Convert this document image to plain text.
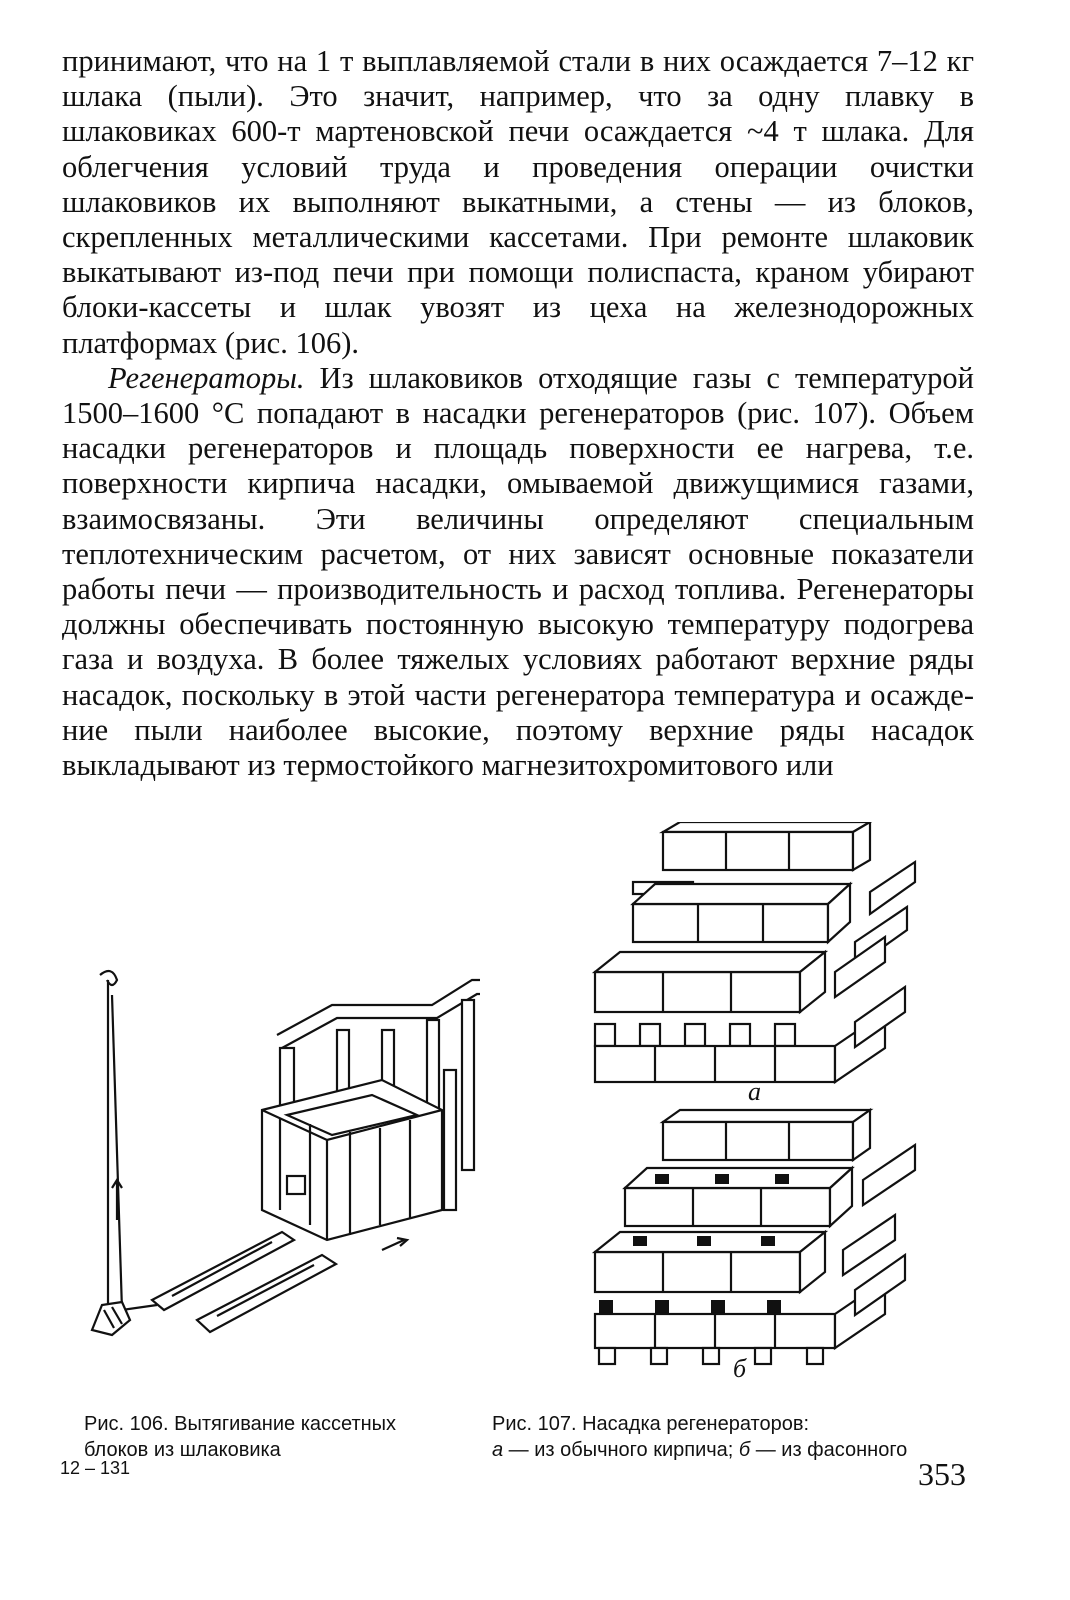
принимают, что на 1 т выплавляемой стали в них осаждается 7–12 кг шлака (пыли). Это значит, например, что за одну плавку в шлаковиках 600-т мартеновской печи осаждается ~4 т шлака. Для облегчения условий труда и проведения операции очистки шлаковиков их выполняют выкатными, а стены — из блоков, скрепленных металлическими кассетами. При ремонте шлаковик выкатывают из-под печи при помощи полиспаста, краном убирают блоки-кассеты и шлак увозят из цеха на железнодорожных платформах (рис. 106).

Регенераторы. Из шлаковиков отходящие газы с температурой 1500–1600 °С попадают в насадки регенераторов (рис. 107). Объем насадки регенераторов и площадь поверхности ее нагрева, т.е. поверхности кирпича насадки, омываемой движущимися газами, взаимосвязаны. Эти величины определяют специальным теплотехническим расчетом, от них зависят основные показатели работы печи — производительность и расход топлива. Регенераторы должны обеспечивать постоянную высокую температуру подогрева газа и воздуха. В более тяжелых условиях работают верхние ряды насадок, поскольку в этой части регенератора температура и осаждение пыли наиболее высокие, поэтому верхние ряды насадок выкладывают из термостойкого магнезитохромитового или

а
б
Рис. 106. Вытягивание кассетных блоков из шлаковика
Рис. 107. Насадка регенераторов:
а — из обычного кирпича; б — из фасонного
12 – 131	353
